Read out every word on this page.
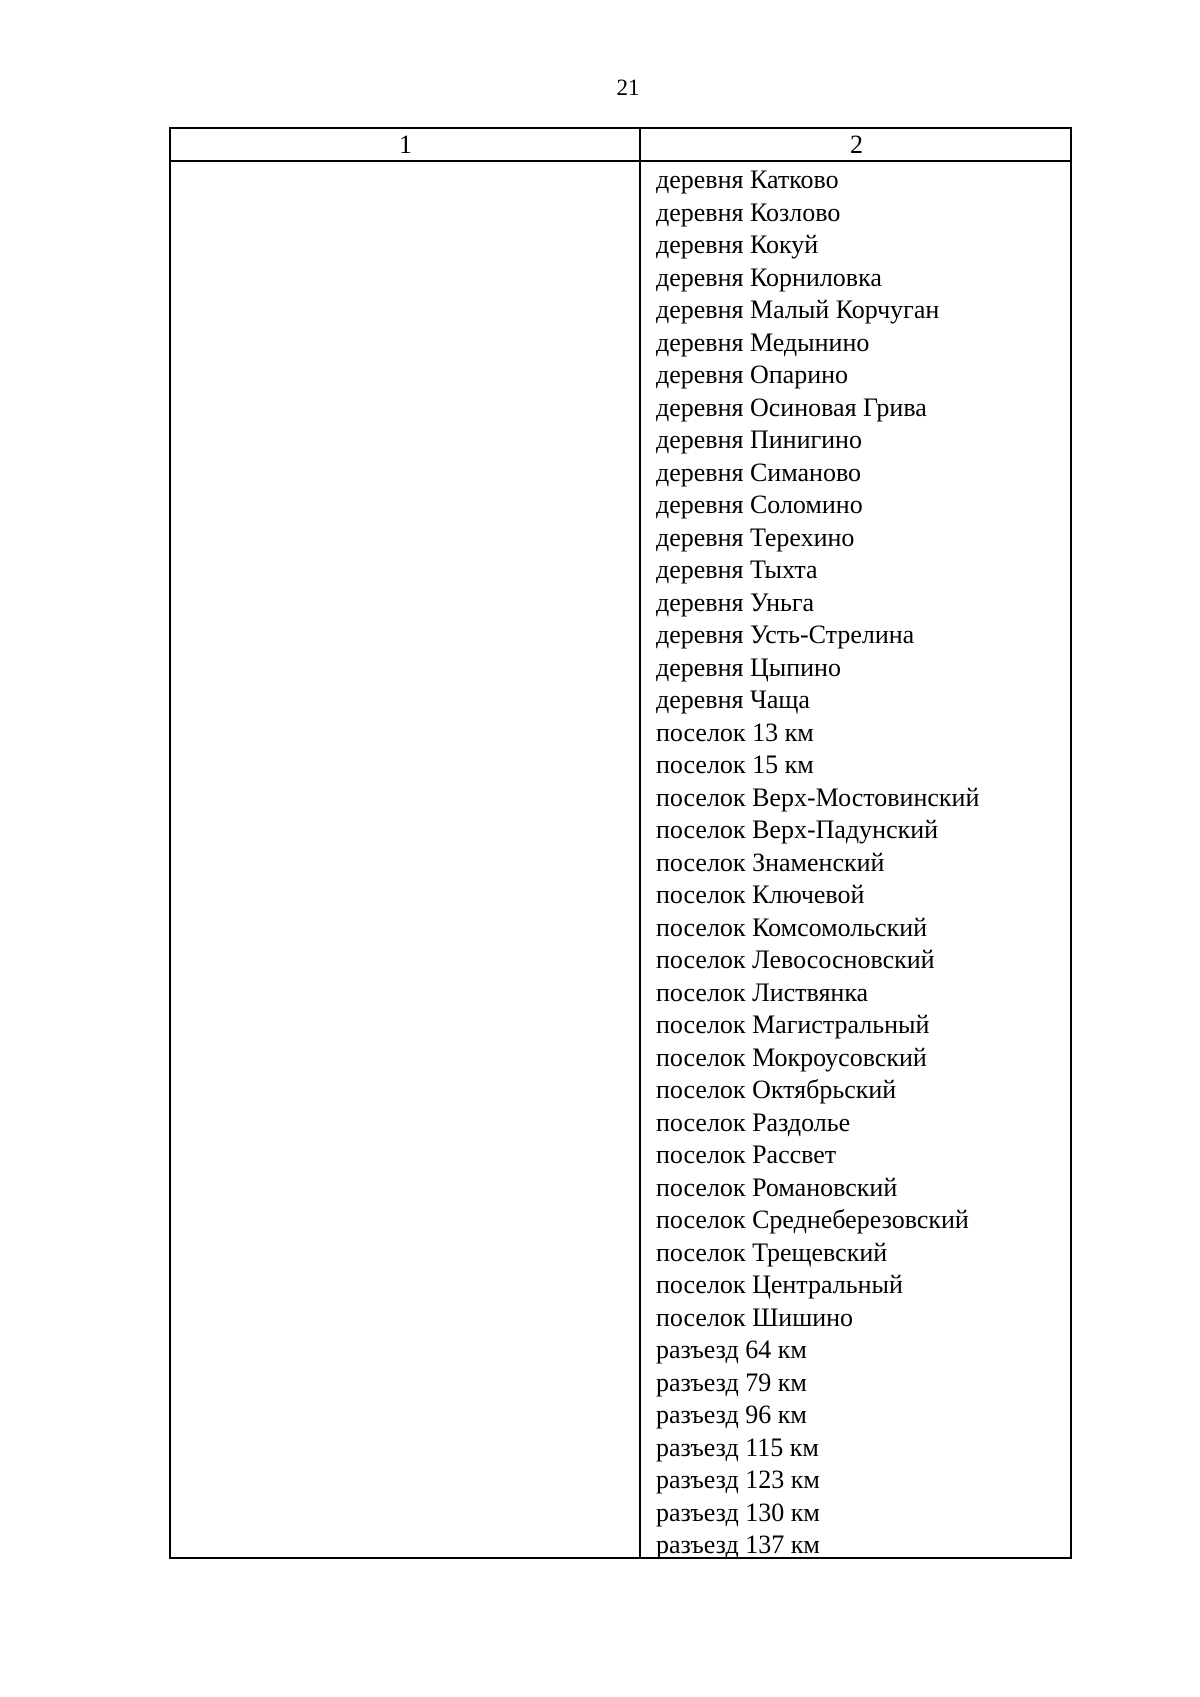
21
1	2
деревня Катково
деревня Козлово
деревня Кокуй
деревня Корниловка
деревня Малый Корчуган
деревня Медынино
деревня Опарино
деревня Осиновая Грива
деревня Пинигино
деревня Симаново
деревня Соломино
деревня Терехино
деревня Тыхта
деревня Уньга
деревня Усть-Стрелина
деревня Цыпино
деревня Чаща
поселок 13 км
поселок 15 км
поселок Верх-Мостовинский
поселок Верх-Падунский
поселок Знаменский
поселок Ключевой
поселок Комсомольский
поселок Левососновский
поселок Листвянка
поселок Магистральный
поселок Мокроусовский
поселок Октябрьский
поселок Раздолье
поселок Рассвет
поселок Романовский
поселок Среднеберезовский
поселок Трещевский
поселок Центральный
поселок Шишино
разъезд 64 км
разъезд 79 км
разъезд 96 км
разъезд 115 км
разъезд 123 км
разъезд 130 км
разъезд 137 км
